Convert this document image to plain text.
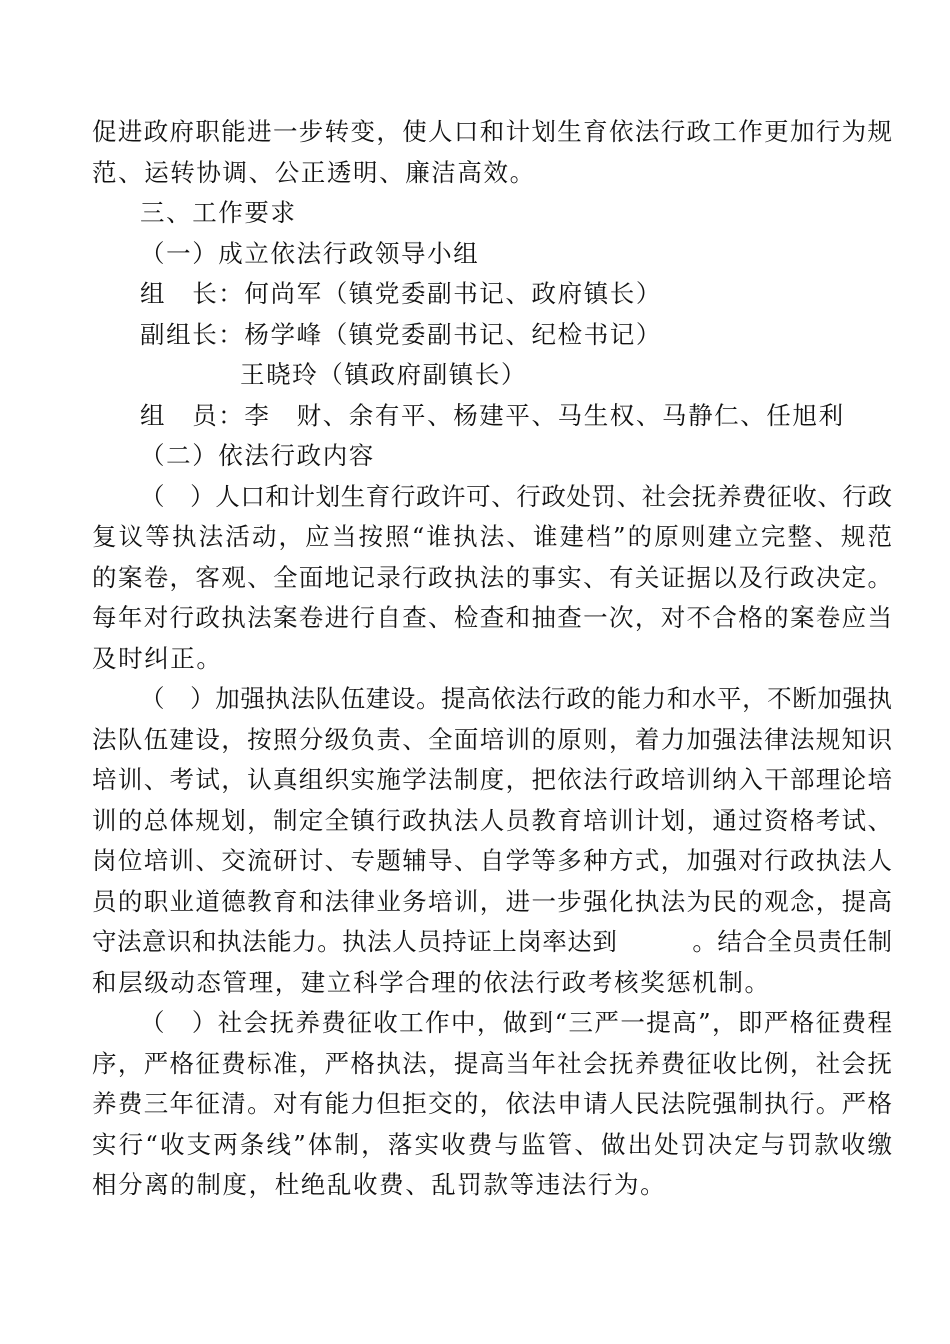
促进政府职能进一步转变，使人口和计划生育依法行政工作更加行为规
范、运转协调、公正透明、廉洁高效。
三、工作要求
（一）成立依法行政领导小组
组　长：何尚军（镇党委副书记、政府镇长）
副组长：杨学峰（镇党委副书记、纪检书记）
王晓玲（镇政府副镇长）
组　员：李　财、余有平、杨建平、马生权、马静仁、任旭利
（二）依法行政内容
（　）人口和计划生育行政许可、行政处罚、社会抚养费征收、行政
复议等执法活动，应当按照“谁执法、谁建档”的原则建立完整、规范
的案卷，客观、全面地记录行政执法的事实、有关证据以及行政决定。
每年对行政执法案卷进行自查、检查和抽查一次，对不合格的案卷应当
及时纠正。
（　）加强执法队伍建设。提高依法行政的能力和水平，不断加强执
法队伍建设，按照分级负责、全面培训的原则，着力加强法律法规知识
培训、考试，认真组织实施学法制度，把依法行政培训纳入干部理论培
训的总体规划，制定全镇行政执法人员教育培训计划，通过资格考试、
岗位培训、交流研讨、专题辅导、自学等多种方式，加强对行政执法人
员的职业道德教育和法律业务培训，进一步强化执法为民的观念，提高
守法意识和执法能力。执法人员持证上岗率达到　　　。结合全员责任制
和层级动态管理，建立科学合理的依法行政考核奖惩机制。
（　）社会抚养费征收工作中，做到“三严一提高”，即严格征费程
序，严格征费标准，严格执法，提高当年社会抚养费征收比例，社会抚
养费三年征清。对有能力但拒交的，依法申请人民法院强制执行。严格
实行“收支两条线”体制，落实收费与监管、做出处罚决定与罚款收缴
相分离的制度，杜绝乱收费、乱罚款等违法行为。
